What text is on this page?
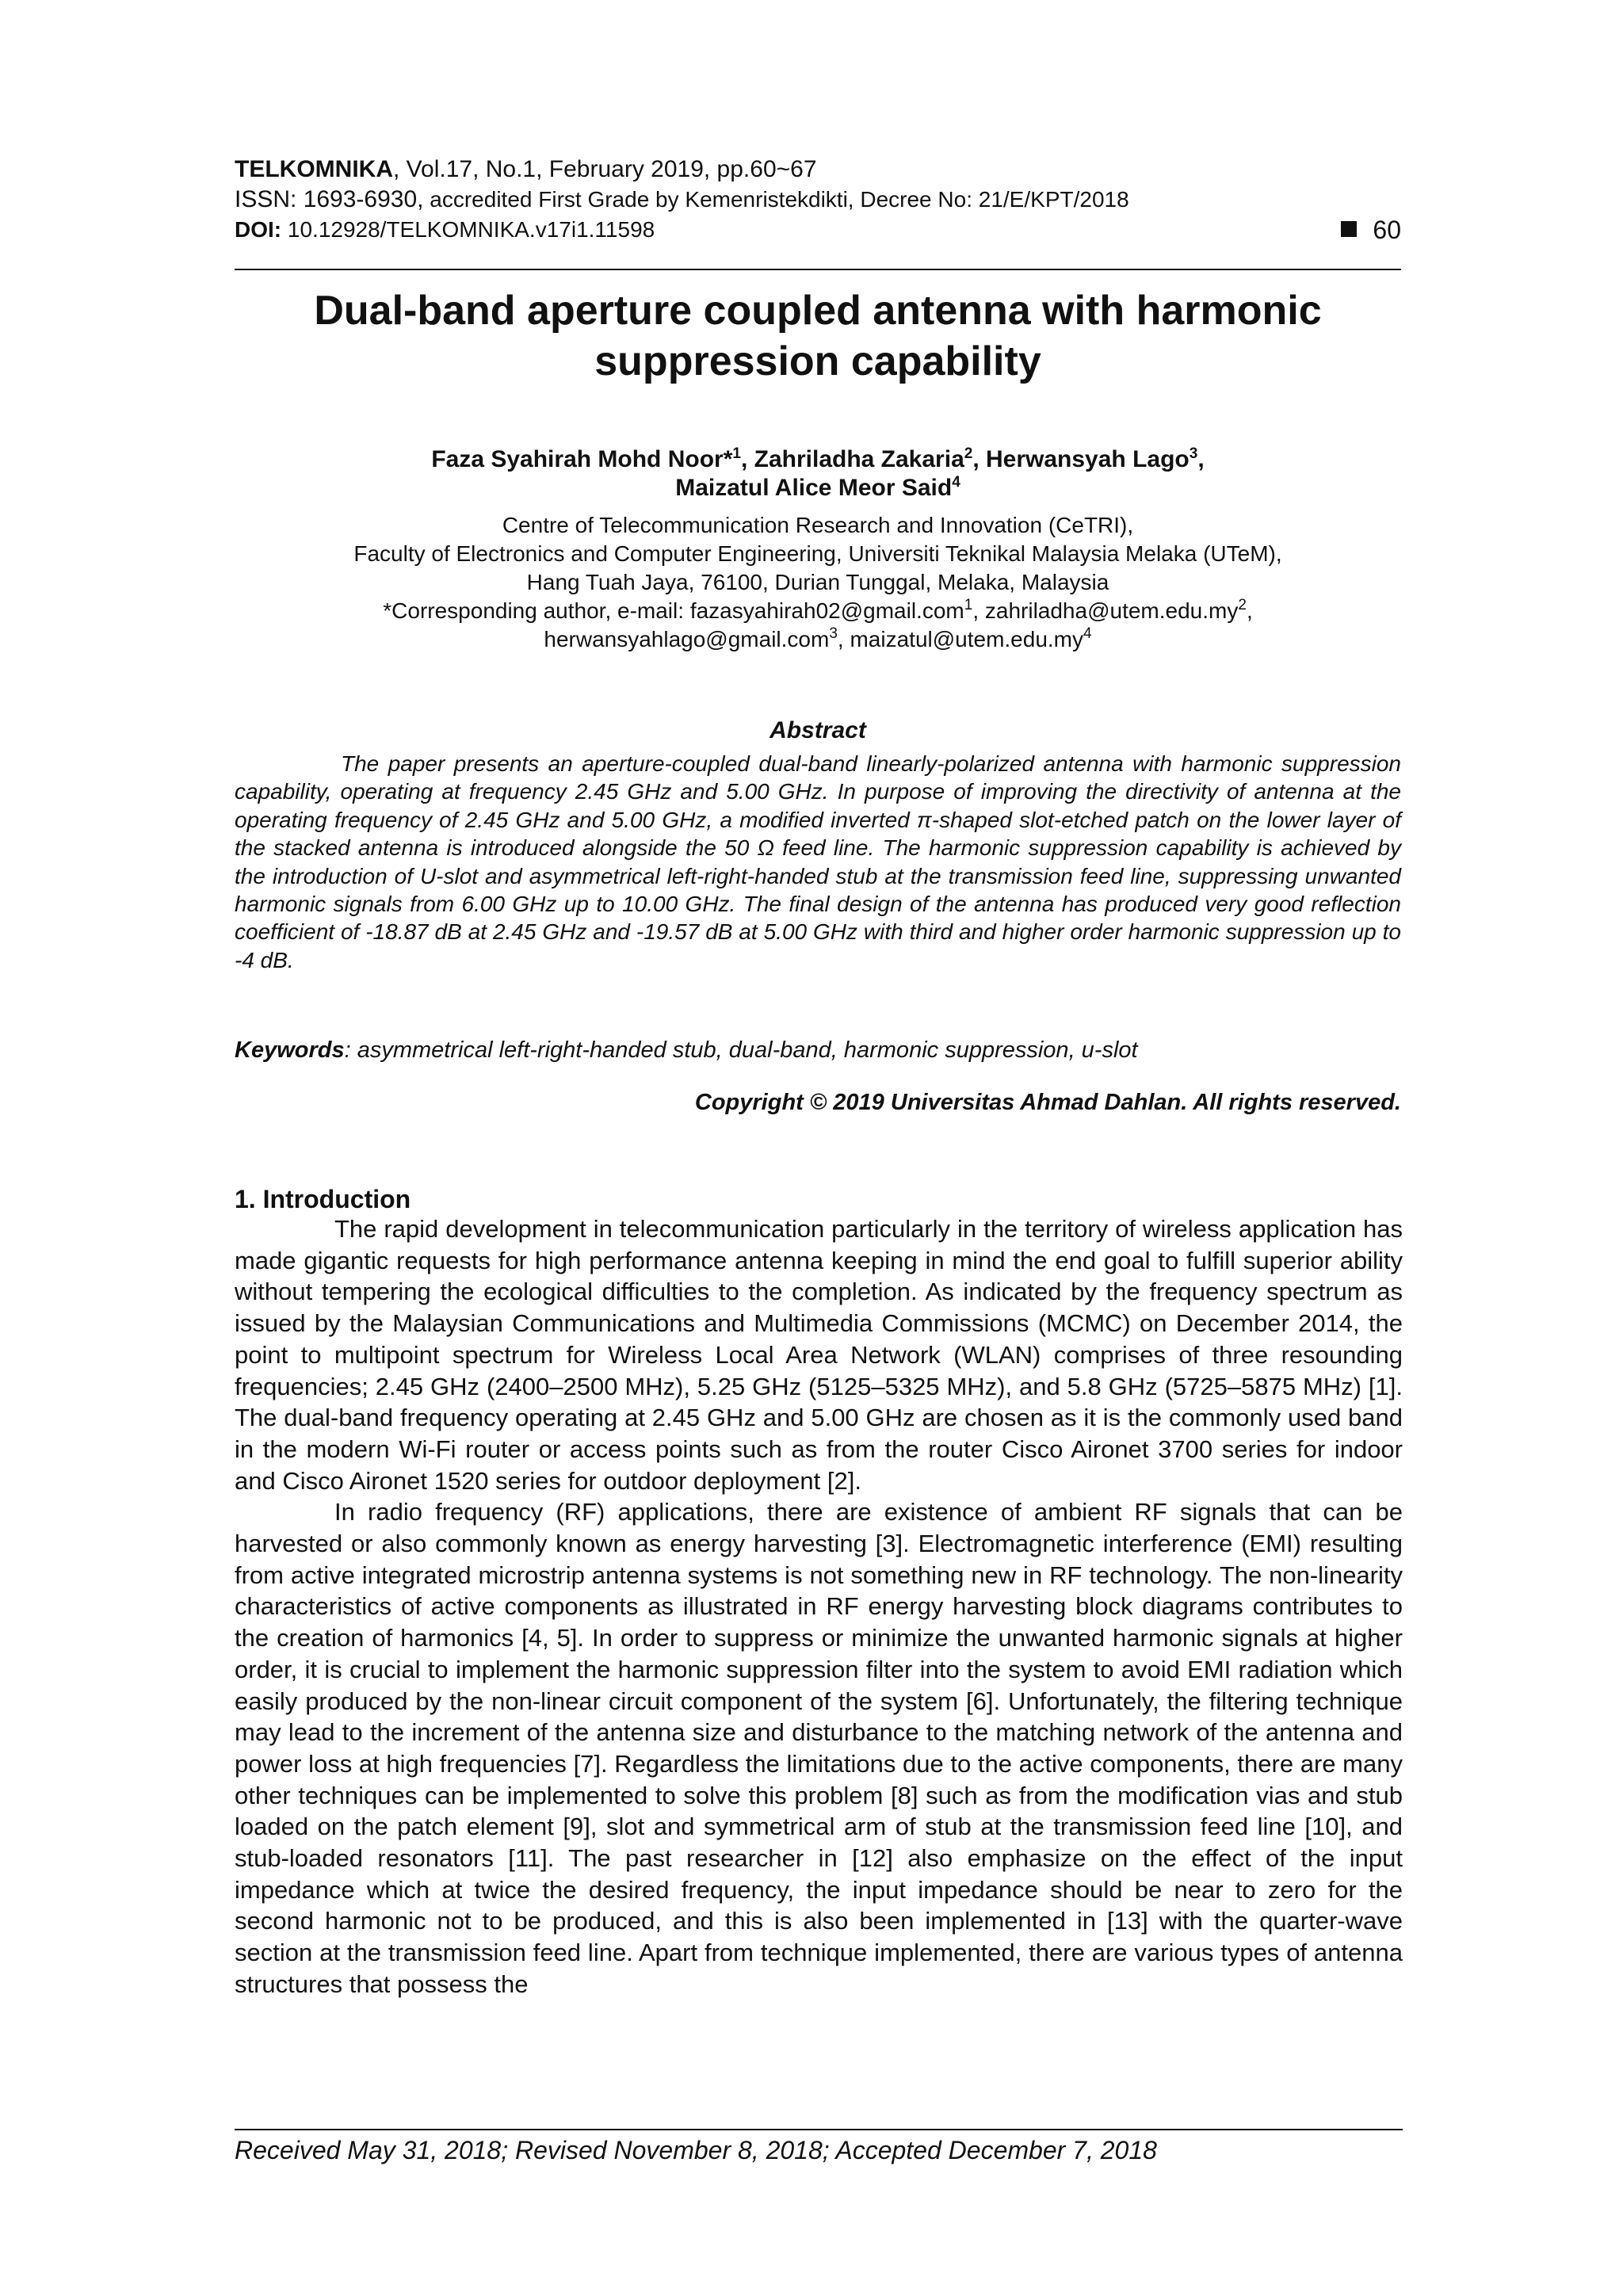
TELKOMNIKA, Vol.17, No.1, February 2019, pp.60~67
ISSN: 1693-6930, accredited First Grade by Kemenristekdikti, Decree No: 21/E/KPT/2018
DOI: 10.12928/TELKOMNIKA.v17i1.11598	60
Dual-band aperture coupled antenna with harmonic suppression capability
Faza Syahirah Mohd Noor*$^1$, Zahriladha Zakaria$^2$, Herwansyah Lago$^3$,
Maizatul Alice Meor Said$^4$
Centre of Telecommunication Research and Innovation (CeTRI),
Faculty of Electronics and Computer Engineering, Universiti Teknikal Malaysia Melaka (UTeM),
Hang Tuah Jaya, 76100, Durian Tunggal, Melaka, Malaysia
*Corresponding author, e-mail: fazasyahirah02@gmail.com$^1$, $zahriladha@utem.edu.my^2$,
herwansyahlago@gmail.com$^3$, $maizatul@utem.edu.my^4$
Abstract
The paper presents an aperture-coupled dual-band linearly-polarized antenna with harmonic suppression capability, operating at frequency 2.45 GHz and 5.00 GHz. In purpose of improving the directivity of antenna at the operating frequency of 2.45 GHz and 5.00 GHz, a modified inverted π-shaped slot-etched patch on the lower layer of the stacked antenna is introduced alongside the 50 Ω feed line. The harmonic suppression capability is achieved by the introduction of U-slot and asymmetrical left-right-handed stub at the transmission feed line, suppressing unwanted harmonic signals from 6.00 GHz up to 10.00 GHz. The final design of the antenna has produced very good reflection coefficient of -18.87 dB at 2.45 GHz and -19.57 dB at 5.00 GHz with third and higher order harmonic suppression up to -4 dB.
Keywords: asymmetrical left-right-handed stub, dual-band, harmonic suppression, u-slot
Copyright © 2019 Universitas Ahmad Dahlan. All rights reserved.
1. Introduction

The rapid development in telecommunication particularly in the territory of wireless application has made gigantic requests for high performance antenna keeping in mind the end goal to fulfill superior ability without tempering the ecological difficulties to the completion. As indicated by the frequency spectrum as issued by the Malaysian Communications and Multimedia Commissions (MCMC) on December 2014, the point to multipoint spectrum for Wireless Local Area Network (WLAN) comprises of three resounding frequencies; 2.45 GHz (2400–2500 MHz), 5.25 GHz (5125–5325 MHz), and 5.8 GHz (5725–5875 MHz) [1]. The dual-band frequency operating at 2.45 GHz and 5.00 GHz are chosen as it is the commonly used band in the modern Wi-Fi router or access points such as from the router Cisco Aironet 3700 series for indoor and Cisco Aironet 1520 series for outdoor deployment [2].

In radio frequency (RF) applications, there are existence of ambient RF signals that can be harvested or also commonly known as energy harvesting [3]. Electromagnetic interference (EMI) resulting from active integrated microstrip antenna systems is not something new in RF technology. The non-linearity characteristics of active components as illustrated in RF energy harvesting block diagrams contributes to the creation of harmonics [4, 5]. In order to suppress or minimize the unwanted harmonic signals at higher order, it is crucial to implement the harmonic suppression filter into the system to avoid EMI radiation which easily produced by the non-linear circuit component of the system [6]. Unfortunately, the filtering technique may lead to the increment of the antenna size and disturbance to the matching network of the antenna and power loss at high frequencies [7]. Regardless the limitations due to the active components, there are many other techniques can be implemented to solve this problem [8] such as from the modification vias and stub loaded on the patch element [9], slot and symmetrical arm of stub at the transmission feed line [10], and stub-loaded resonators [11]. The past researcher in [12] also emphasize on the effect of the input impedance which at twice the desired frequency, the input impedance should be near to zero for the second harmonic not to be produced, and this is also been implemented in [13] with the quarter-wave section at the transmission feed line. Apart from technique implemented, there are various types of antenna structures that possess the

Received May 31, 2018; Revised November 8, 2018; Accepted December 7, 2018
